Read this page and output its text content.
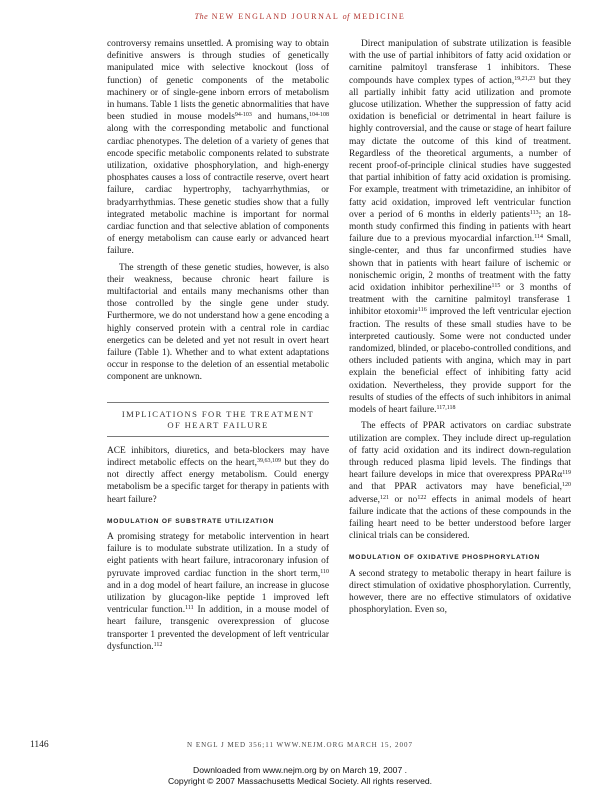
The NEW ENGLAND JOURNAL of MEDICINE

controversy remains unsettled. A promising way to obtain definitive answers is through studies of genetically manipulated mice with selective knockout (loss of function) of genetic components of the metabolic machinery or of single-gene inborn errors of metabolism in humans. Table 1 lists the genetic abnormalities that have been studied in mouse models$^{94-103}$ and humans,$^{104-108}$ along with the corresponding metabolic and functional cardiac phenotypes. The deletion of a variety of genes that encode specific metabolic components related to substrate utilization, oxidative phosphorylation, and high-energy phosphates causes a loss of contractile reserve, overt heart failure, cardiac hypertrophy, tachyarrhythmias, or bradyarrhythmias. These genetic studies show that a fully integrated metabolic machine is important for normal cardiac function and that selective ablation of components of energy metabolism can cause early or advanced heart failure.

The strength of these genetic studies, however, is also their weakness, because chronic heart failure is multifactorial and entails many mechanisms other than those controlled by the single gene under study. Furthermore, we do not understand how a gene encoding a highly conserved protein with a central role in cardiac energetics can be deleted and yet not result in overt heart failure (Table 1). Whether and to what extent adaptations occur in response to the deletion of an essential metabolic component are unknown.

IMPLICATIONS FOR THE TREATMENT
OF HEART FAILURE

ACE inhibitors, diuretics, and beta-blockers may have indirect metabolic effects on the heart,$^{39,63,109}$ but they do not directly affect energy metabolism. Could energy metabolism be a specific target for therapy in patients with heart failure?

MODULATION OF SUBSTRATE UTILIZATION

A promising strategy for metabolic intervention in heart failure is to modulate substrate utilization. In a study of eight patients with heart failure, intracoronary infusion of pyruvate improved cardiac function in the short term,$^{110}$ and in a dog model of heart failure, an increase in glucose utilization by glucagon-like peptide 1 improved left ventricular function.$^{111}$ In addition, in a mouse model of heart failure, transgenic overexpression of glucose transporter 1 prevented the development of left ventricular dysfunction.$^{112}$

Direct manipulation of substrate utilization is feasible with the use of partial inhibitors of fatty acid oxidation or carnitine palmitoyl transferase 1 inhibitors. These compounds have complex types of action,$^{19,21,23}$ but they all partially inhibit fatty acid utilization and promote glucose utilization. Whether the suppression of fatty acid oxidation is beneficial or detrimental in heart failure is highly controversial, and the cause or stage of heart failure may dictate the outcome of this kind of treatment. Regardless of the theoretical arguments, a number of recent proof-of-principle clinical studies have suggested that partial inhibition of fatty acid oxidation is promising. For example, treatment with trimetazidine, an inhibitor of fatty acid oxidation, improved left ventricular function over a period of 6 months in elderly patients$^{113}$; an 18-month study confirmed this finding in patients with heart failure due to a previous myocardial infarction.$^{114}$ Small, single-center, and thus far unconfirmed studies have shown that in patients with heart failure of ischemic or nonischemic origin, 2 months of treatment with the fatty acid oxidation inhibitor perhexiline$^{115}$ or 3 months of treatment with the carnitine palmitoyl transferase 1 inhibitor etoxomir$^{116}$ improved the left ventricular ejection fraction. The results of these small studies have to be interpreted cautiously. Some were not conducted under randomized, blinded, or placebo-controlled conditions, and others included patients with angina, which may in part explain the beneficial effect of inhibiting fatty acid oxidation. Nevertheless, they provide support for the results of studies of the effects of such inhibitors in animal models of heart failure.$^{117,118}$

The effects of PPAR activators on cardiac substrate utilization are complex. They include direct up-regulation of fatty acid oxidation and its indirect down-regulation through reduced plasma lipid levels. The findings that heart failure develops in mice that overexpress PPARα$^{119}$ and that PPAR activators may have beneficial,$^{120}$ adverse,$^{121}$ or $no^{122}$ effects in animal models of heart failure indicate that the actions of these compounds in the failing heart need to be better understood before larger clinical trials can be considered.

MODULATION OF OXIDATIVE PHOSPHORYLATION

A second strategy to metabolic therapy in heart failure is direct stimulation of oxidative phosphorylation. Currently, however, there are no effective stimulators of oxidative phosphorylation. Even so,

1146	N ENGL J MED 356;11 WWW.NEJM.ORG MARCH 15, 2007
Downloaded from www.nejm.org by on March 19, 2007 .
Copyright © 2007 Massachusetts Medical Society. All rights reserved.
